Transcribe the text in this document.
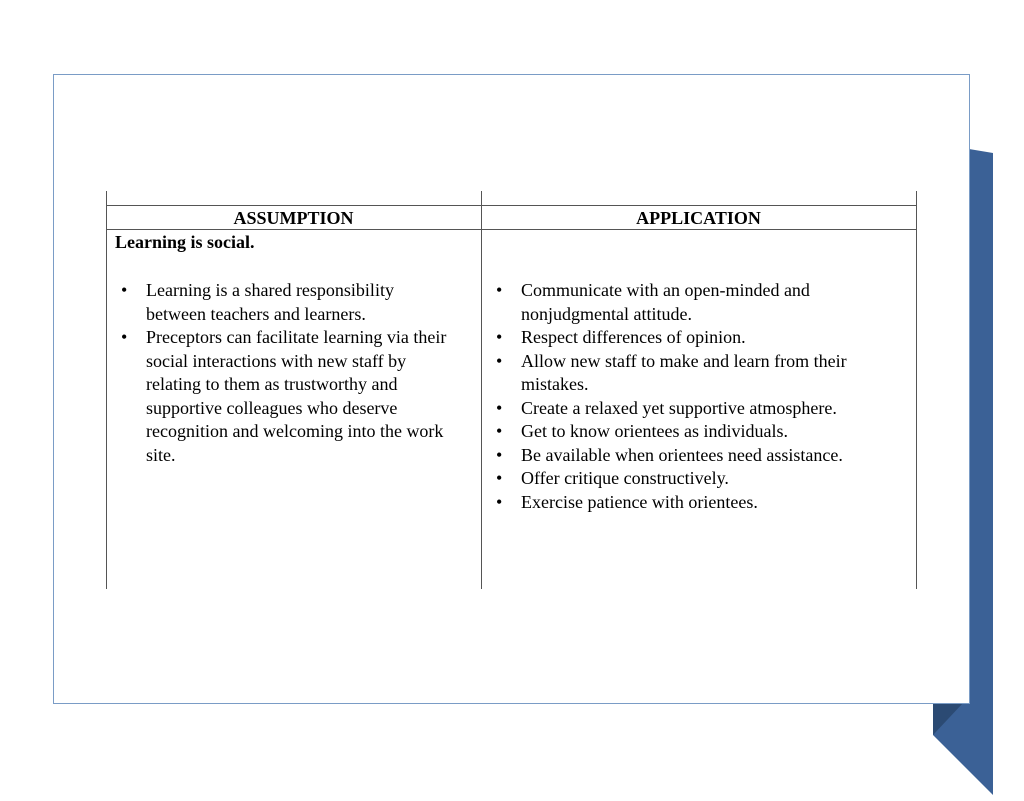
ASSUMPTION	APPLICATION
Learning is social.
• Learning is a shared responsibility between teachers and learners.
• Preceptors can facilitate learning via their social interactions with new staff by relating to them as trustworthy and supportive colleagues who deserve recognition and welcoming into the work site.
• Communicate with an open-minded and nonjudgmental attitude.
• Respect differences of opinion.
• Allow new staff to make and learn from their mistakes.
• Create a relaxed yet supportive atmosphere.
• Get to know orientees as individuals.
• Be available when orientees need assistance.
• Offer critique constructively.
• Exercise patience with orientees.
